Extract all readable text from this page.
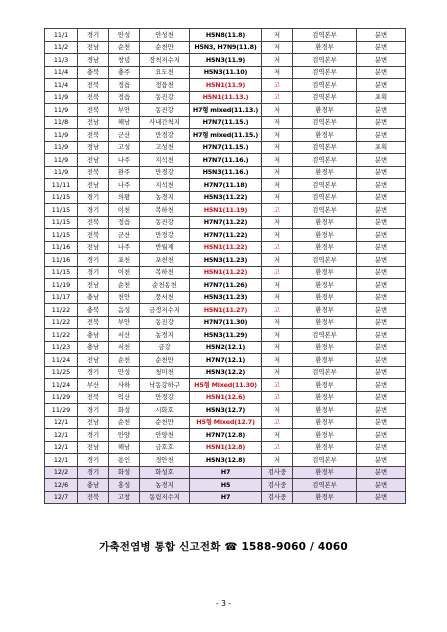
11/1	경기	안성	안성천	H5N8(11.8)	저	검역본부	분변
11/2	전남	순천	순천만	H5N3, H7N9(11.8)	저	환경부	분변
11/3	경남	창녕	장척저수지	H5N3(11.9)	저	검역본부	분변
11/4	충북	충주	요도천	H5N3(11.10)	저	검역본부	분변
11/4	전북	정읍	정읍천	H5N1(11.9)	고	검역본부	분변
11/9	전북	정읍	동진강	H5N1(11.13.)	고	검역본부	포획
11/9	전북	부안	동진강	H7형 mixed(11.13.)	저	환경부	분변
11/8	전남	해남	사내간척지	H7N7(11.15.)	저	검역본부	분변
11/9	전북	군산	만경강	H7형 mixed(11.15.)	저	환경부	분변
11/9	경남	고성	고성천	H7N7(11.15.)	저	검역본부	포획
11/9	전남	나주	지석천	H7N7(11.16.)	저	검역본부	분변
11/9	전북	완주	만경강	H5N3(11.16.)	저	환경부	분변
11/11	전남	나주	지석천	H7N7(11.18)	저	검역본부	분변
11/15	경기	의왕	농경지	H5N3(11.22)	저	검역본부	분변
11/15	경기	이천	복하천	H5N1(11.19)	고	검역본부	분변
11/15	전북	정읍	동진강	H7N7(11.22)	저	환경부	분변
11/15	전북	군산	만경강	H7N7(11.22)	저	환경부	분변
11/16	전남	나주	반월제	H5N1(11.22)	고	환경부	분변
11/16	경기	포천	포천천	H5N3(11.23)	저	검역본부	분변
11/15	경기	이천	복하천	H5N1(11.22)	고	환경부	분변
11/19	전남	순천	순천동천	H7N7(11.26)	저	환경부	분변
11/17	충남	천안	풍서천	H5N3(11.23)	저	환경부	분변
11/22	충북	음성	금정저수지	H5N1(11.27)	고	환경부	분변
11/22	전북	부안	동진강	H7N7(11.30)	저	환경부	분변
11/22	충남	서산	농경지	H5N3(11.29)	저	검역본부	분변
11/23	충남	서천	금강	H5N2(12.1)	저	환경부	분변
11/24	전남	순천	순천만	H7N7(12.1)	저	환경부	분변
11/25	경기	안성	청미천	H5N3(12.2)	저	검역본부	분변
11/24	부산	사하	낙동강하구	H5형 Mixed(11.30)	고	환경부	분변
11/29	전북	익산	만경강	H5N1(12.6)	고	환경부	분변
11/29	경기	화성	시화호	H5N3(12.7)	저	환경부	분변
12/1	전남	순천	순천만	H5형 Mixed(12.7)	고	환경부	분변
12/1	경기	안양	안양천	H7N7(12.8)	저	환경부	분변
12/1	전남	해남	금호호	H5N1(12.8)	고	환경부	분변
12/1	경기	용인	경안천	H5N3(12.8)	저	검역본부	분변
12/2	경기	화성	화성호	H7	검사중	환경부	분변
12/6	충남	홍성	농경지	H5	검사중	검역본부	분변
12/7	전북	고창	동림저수지	H7	검사중	환경부	분변
가축전염병 통합 신고전화 ☎ 1588-9060 / 4060
- 3 -
